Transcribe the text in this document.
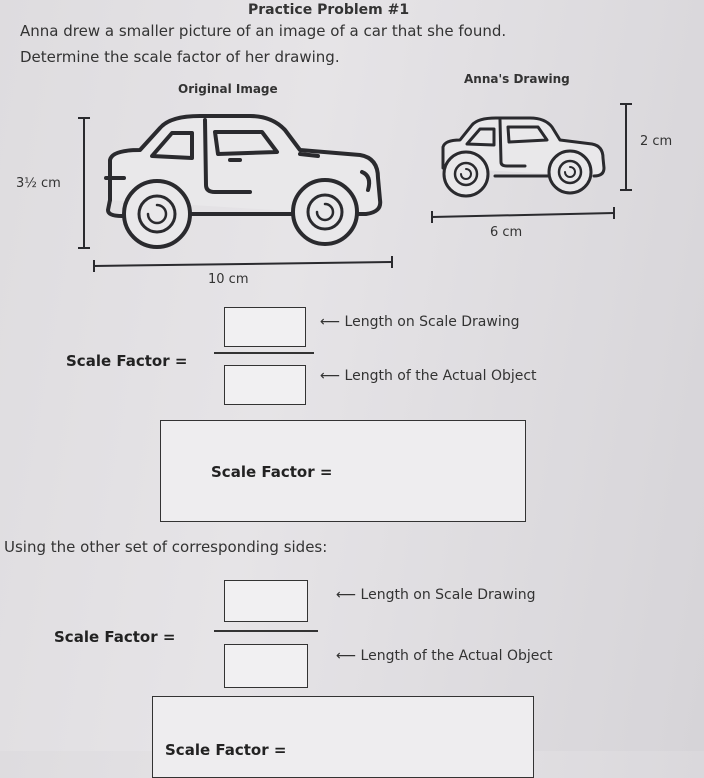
Practice Problem #1
Anna drew a smaller picture of an image of a car that she found.
Determine the scale factor of her drawing.
Original Image
Anna's Drawing
3½ cm
10 cm
2 cm
6 cm
Scale Factor =
⟵ Length on Scale Drawing
⟵ Length of the Actual Object
Scale Factor =
Using the other set of corresponding sides:
Scale Factor =
⟵ Length on Scale Drawing
⟵ Length of the Actual Object
Scale Factor =
